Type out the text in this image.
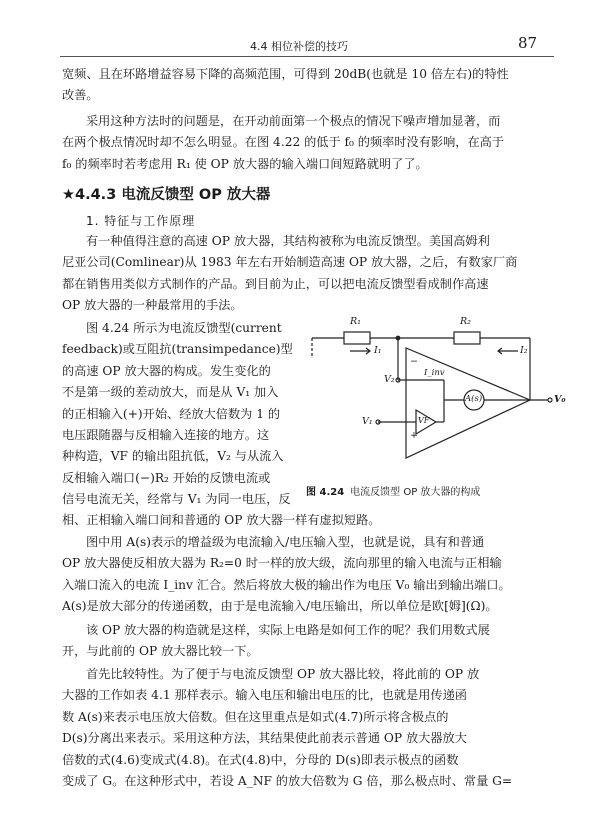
4.4 相位补偿的技巧	87
宽频、且在环路增益容易下降的高频范围，可得到 20dB(也就是 10 倍左右)的特性
改善。
采用这种方法时的问题是，在开动前面第一个极点的情况下噪声增加显著，而
在两个极点情况时却不怎么明显。在图 4.22 的低于 f₀ 的频率时没有影响，在高于
f₀ 的频率时若考虑用 R₁ 使 OP 放大器的输入端口间短路就明了了。
★4.4.3 电流反馈型 OP 放大器
1. 特征与工作原理
有一种值得注意的高速 OP 放大器，其结构被称为电流反馈型。美国高姆利
尼亚公司(Comlinear)从 1983 年左右开始制造高速 OP 放大器，之后，有数家厂商
都在销售用类似方式制作的产品。到目前为止，可以把电流反馈型看成制作高速
OP 放大器的一种最常用的手法。
图 4.24 所示为电流反馈型(current
feedback)或互阻抗(transimpedance)型
的高速 OP 放大器的构成。发生变化的
不是第一级的差动放大，而是从 V₁ 加入
的正相输入(+)开始、经放大倍数为 1 的
电压跟随器与反相输入连接的地方。这
种构造，VF 的输出阻抗低，V₂ 与从流入
反相输入端口(−)R₂ 开始的反馈电流或
信号电流无关，经常与 V₁ 为同一电压，反
相、正相输入端口间和普通的 OP 放大器一样有虚拟短路。
R₁	R₂
I₁	I₂
V₂
V₁
V₀
I_inv
VF
A(s)
+
−
图 4.24 电流反馈型 OP 放大器的构成
图中用 A(s)表示的增益级为电流输入/电压输入型，也就是说，具有和普通
OP 放大器使反相放大器为 R₂=0 时一样的放大级，流向那里的输入电流与正相输
入端口流入的电流 I_inv 汇合。然后将放大极的输出作为电压 V₀ 输出到输出端口。
A(s)是放大部分的传递函数，由于是电流输入/电压输出，所以单位是欧[姆](Ω)。
该 OP 放大器的构造就是这样，实际上电路是如何工作的呢？我们用数式展
开，与此前的 OP 放大器比较一下。
首先比较特性。为了便于与电流反馈型 OP 放大器比较，将此前的 OP 放
大器的工作如表 4.1 那样表示。输入电压和输出电压的比，也就是用传递函
数 A(s)来表示电压放大倍数。但在这里重点是如式(4.7)所示将含极点的
D(s)分离出来表示。采用这种方法，其结果使此前表示普通 OP 放大器放大
倍数的式(4.6)变成式(4.8)。在式(4.8)中，分母的 D(s)即表示极点的函数
变成了 G。在这种形式中，若设 A_NF 的放大倍数为 G 倍，那么极点时、常量 G=
